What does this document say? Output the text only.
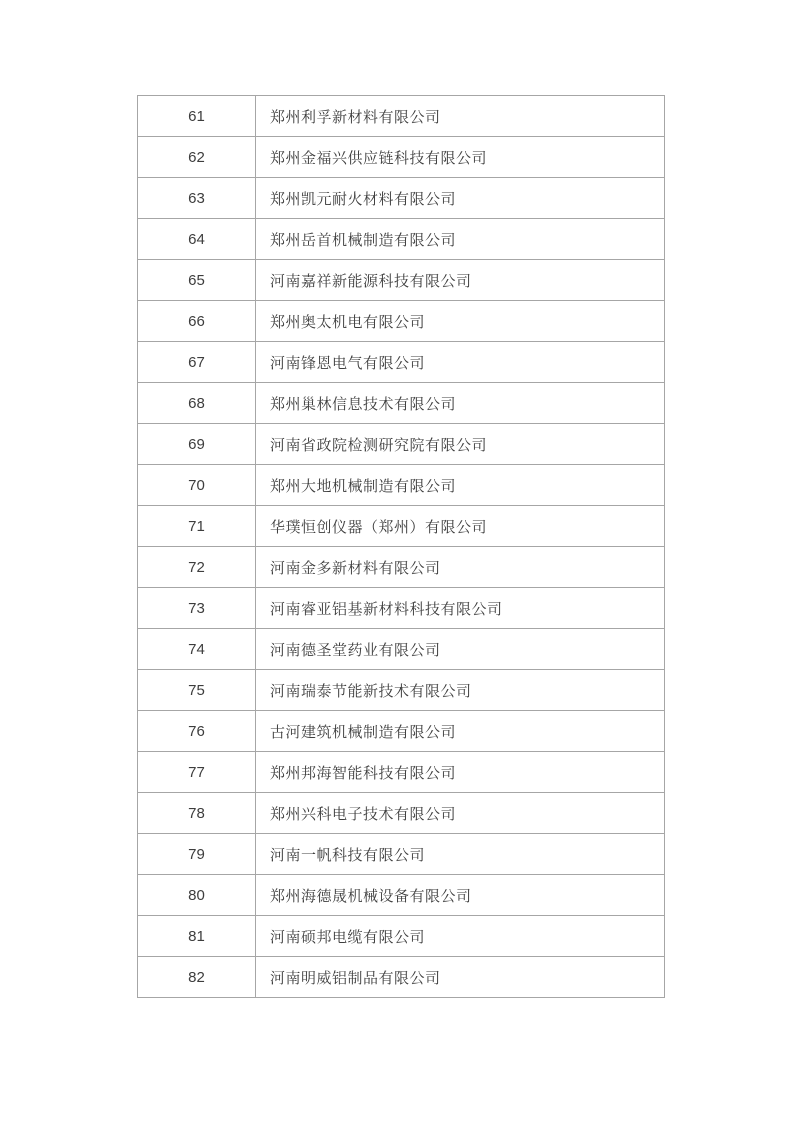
61	郑州利孚新材料有限公司
62	郑州金福兴供应链科技有限公司
63	郑州凯元耐火材料有限公司
64	郑州岳首机械制造有限公司
65	河南嘉祥新能源科技有限公司
66	郑州奥太机电有限公司
67	河南锋恩电气有限公司
68	郑州巢林信息技术有限公司
69	河南省政院检测研究院有限公司
70	郑州大地机械制造有限公司
71	华璞恒创仪器（郑州）有限公司
72	河南金多新材料有限公司
73	河南睿亚铝基新材料科技有限公司
74	河南德圣堂药业有限公司
75	河南瑞泰节能新技术有限公司
76	古河建筑机械制造有限公司
77	郑州邦海智能科技有限公司
78	郑州兴科电子技术有限公司
79	河南一帆科技有限公司
80	郑州海德晟机械设备有限公司
81	河南硕邦电缆有限公司
82	河南明威铝制品有限公司
